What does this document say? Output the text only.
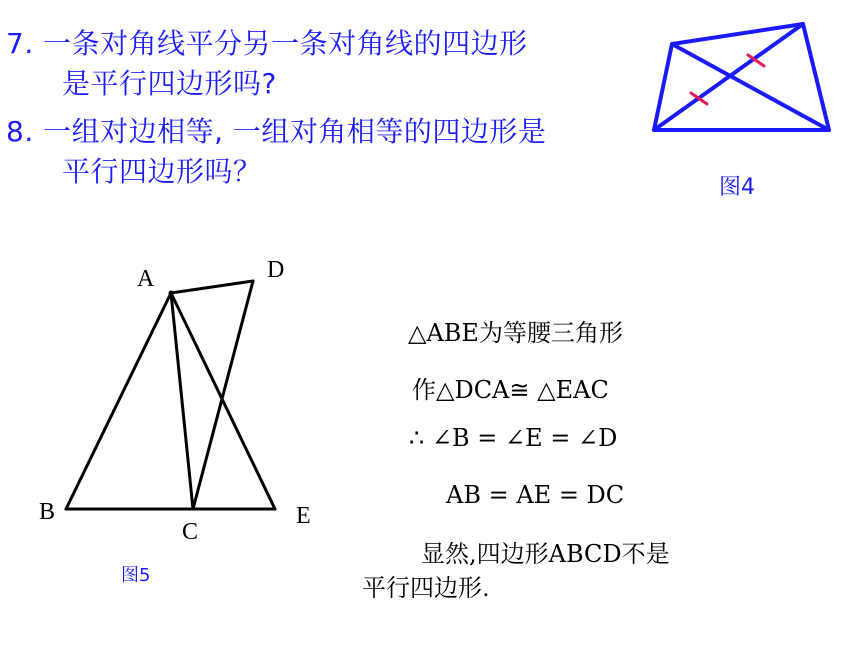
7. 一条对角线平分另一条对角线的四边形
是平行四边形吗?
8. 一组对边相等, 一组对角相等的四边形是
平行四边形吗？	图4
A	D
B
C
E
图5
△ABE为等腰三角形
作△DCA≅ △EAC
∴ ∠B = ∠E = ∠D
AB = AE = DC
显然,四边形ABCD不是
平行四边形.
